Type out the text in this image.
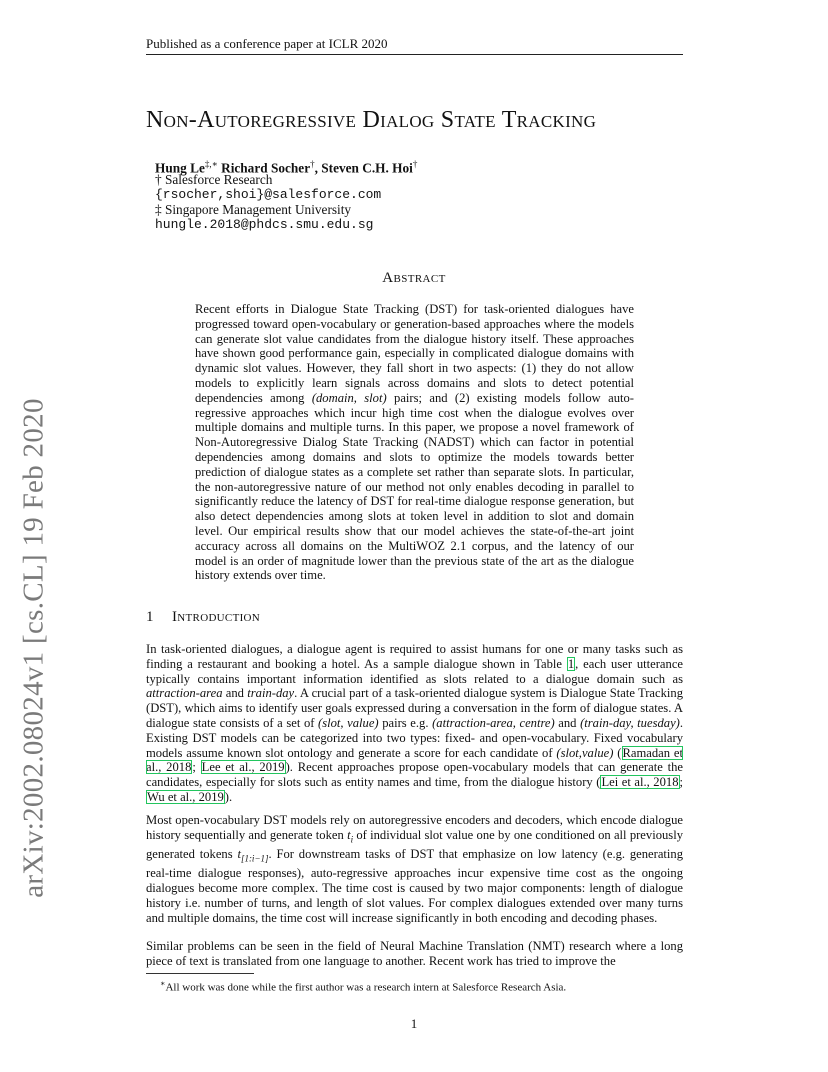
Published as a conference paper at ICLR 2020
arXiv:2002.08024v1 [cs.CL] 19 Feb 2020
Non-Autoregressive Dialog State Tracking
Hung Le‡,∗ Richard Socher†, Steven C.H. Hoi†
† Salesforce Research
{rsocher,shoi}@salesforce.com
‡ Singapore Management University
hungle.2018@phdcs.smu.edu.sg
Abstract
Recent efforts in Dialogue State Tracking (DST) for task-oriented dialogues have progressed toward open-vocabulary or generation-based approaches where the models can generate slot value candidates from the dialogue history itself. These approaches have shown good performance gain, especially in complicated dialogue domains with dynamic slot values. However, they fall short in two aspects: (1) they do not allow models to explicitly learn signals across domains and slots to detect potential dependencies among (domain, slot) pairs; and (2) existing models follow auto-regressive approaches which incur high time cost when the dialogue evolves over multiple domains and multiple turns. In this paper, we propose a novel framework of Non-Autoregressive Dialog State Tracking (NADST) which can factor in potential dependencies among domains and slots to optimize the models towards better prediction of dialogue states as a complete set rather than separate slots. In particular, the non-autoregressive nature of our method not only enables decoding in parallel to significantly reduce the latency of DST for real-time dialogue response generation, but also detect dependencies among slots at token level in addition to slot and domain level. Our empirical results show that our model achieves the state-of-the-art joint accuracy across all domains on the MultiWOZ 2.1 corpus, and the latency of our model is an order of magnitude lower than the previous state of the art as the dialogue history extends over time.
1 Introduction

In task-oriented dialogues, a dialogue agent is required to assist humans for one or many tasks such as finding a restaurant and booking a hotel. As a sample dialogue shown in Table 1, each user utterance typically contains important information identified as slots related to a dialogue domain such as attraction-area and train-day. A crucial part of a task-oriented dialogue system is Dialogue State Tracking (DST), which aims to identify user goals expressed during a conversation in the form of dialogue states. A dialogue state consists of a set of (slot, value) pairs e.g. (attraction-area, centre) and (train-day, tuesday). Existing DST models can be categorized into two types: fixed- and open-vocabulary. Fixed vocabulary models assume known slot ontology and generate a score for each candidate of (slot,value) (Ramadan et al., 2018; Lee et al., 2019). Recent approaches propose open-vocabulary models that can generate the candidates, especially for slots such as entity names and time, from the dialogue history (Lei et al., 2018; Wu et al., 2019).

Most open-vocabulary DST models rely on autoregressive encoders and decoders, which encode dialogue history sequentially and generate token $t_i$ of individual slot value one by one conditioned on all previously generated tokens $t_{[1:i-1]}$. For downstream tasks of DST that emphasize on low latency (e.g. generating real-time dialogue responses), auto-regressive approaches incur expensive time cost as the ongoing dialogues become more complex. The time cost is caused by two major components: length of dialogue history i.e. number of turns, and length of slot values. For complex dialogues extended over many turns and multiple domains, the time cost will increase significantly in both encoding and decoding phases.

Similar problems can be seen in the field of Neural Machine Translation (NMT) research where a long piece of text is translated from one language to another. Recent work has tried to improve the

∗All work was done while the first author was a research intern at Salesforce Research Asia.
1
